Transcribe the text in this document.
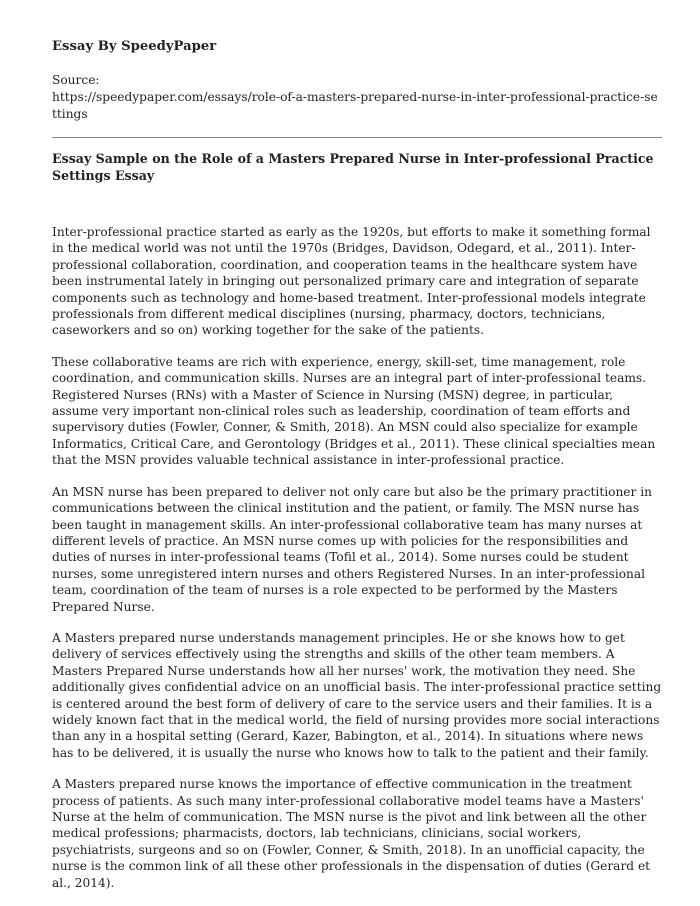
Essay By SpeedyPaper

Source:

https://speedypaper.com/essays/role-of-a-masters-prepared-nurse-in-inter-professional-practice-settings

Essay Sample on the Role of a Masters Prepared Nurse in Inter-professional Practice Settings Essay

Inter-professional practice started as early as the 1920s, but efforts to make it something formal in the medical world was not until the 1970s (Bridges, Davidson, Odegard, et al., 2011). Inter-professional collaboration, coordination, and cooperation teams in the healthcare system have been instrumental lately in bringing out personalized primary care and integration of separate components such as technology and home-based treatment. Inter-professional models integrate professionals from different medical disciplines (nursing, pharmacy, doctors, technicians, caseworkers and so on) working together for the sake of the patients.

These collaborative teams are rich with experience, energy, skill-set, time management, role coordination, and communication skills. Nurses are an integral part of inter-professional teams. Registered Nurses (RNs) with a Master of Science in Nursing (MSN) degree, in particular, assume very important non-clinical roles such as leadership, coordination of team efforts and supervisory duties (Fowler, Conner, & Smith, 2018). An MSN could also specialize for example Informatics, Critical Care, and Gerontology (Bridges et al., 2011). These clinical specialties mean that the MSN provides valuable technical assistance in inter-professional practice.

An MSN nurse has been prepared to deliver not only care but also be the primary practitioner in communications between the clinical institution and the patient, or family. The MSN nurse has been taught in management skills. An inter-professional collaborative team has many nurses at different levels of practice. An MSN nurse comes up with policies for the responsibilities and duties of nurses in inter-professional teams (Tofil et al., 2014). Some nurses could be student nurses, some unregistered intern nurses and others Registered Nurses. In an inter-professional team, coordination of the team of nurses is a role expected to be performed by the Masters Prepared Nurse.

A Masters prepared nurse understands management principles. He or she knows how to get delivery of services effectively using the strengths and skills of the other team members. A Masters Prepared Nurse understands how all her nurses' work, the motivation they need. She additionally gives confidential advice on an unofficial basis. The inter-professional practice setting is centered around the best form of delivery of care to the service users and their families. It is a widely known fact that in the medical world, the field of nursing provides more social interactions than any in a hospital setting (Gerard, Kazer, Babington, et al., 2014). In situations where news has to be delivered, it is usually the nurse who knows how to talk to the patient and their family.

A Masters prepared nurse knows the importance of effective communication in the treatment process of patients. As such many inter-professional collaborative model teams have a Masters' Nurse at the helm of communication. The MSN nurse is the pivot and link between all the other medical professions; pharmacists, doctors, lab technicians, clinicians, social workers, psychiatrists, surgeons and so on (Fowler, Conner, & Smith, 2018). In an unofficial capacity, the nurse is the common link of all these other professionals in the dispensation of duties (Gerard et al., 2014).
